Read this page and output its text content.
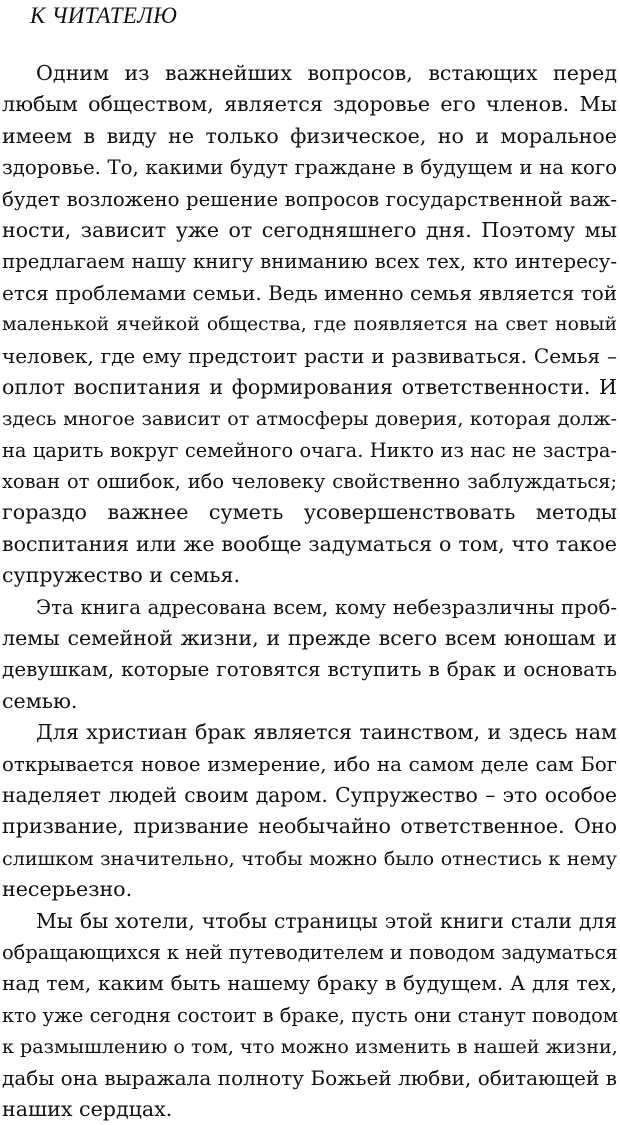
К ЧИТАТЕЛЮ
Одним из важнейших вопросов, встающих перед
любым обществом, является здоровье его членов. Мы
имеем в виду не только физическое, но и моральное
здоровье. То, какими будут граждане в будущем и на кого
будет возложено решение вопросов государственной важ-
ности, зависит уже от сегодняшнего дня. Поэтому мы
предлагаем нашу книгу вниманию всех тех, кто интересу-
ется проблемами семьи. Ведь именно семья является той
маленькой ячейкой общества, где появляется на свет новый
человек, где ему предстоит расти и развиваться. Семья –
оплот воспитания и формирования ответственности. И
здесь многое зависит от атмосферы доверия, которая долж-
на царить вокруг семейного очага. Никто из нас не застра-
хован от ошибок, ибо человеку свойственно заблуждаться;
гораздо важнее суметь усовершенствовать методы
воспитания или же вообще задуматься о том, что такое
супружество и семья.
Эта книга адресована всем, кому небезразличны проб-
лемы семейной жизни, и прежде всего всем юношам и
девушкам, которые готовятся вступить в брак и основать
семью.
Для христиан брак является таинством, и здесь нам
открывается новое измерение, ибо на самом деле сам Бог
наделяет людей своим даром. Супружество – это особое
призвание, призвание необычайно ответственное. Оно
слишком значительно, чтобы можно было отнестись к нему
несерьезно.
Мы бы хотели, чтобы страницы этой книги стали для
обращающихся к ней путеводителем и поводом задуматься
над тем, каким быть нашему браку в будущем. А для тех,
кто уже сегодня состоит в браке, пусть они станут поводом
к размышлению о том, что можно изменить в нашей жизни,
дабы она выражала полноту Божьей любви, обитающей в
наших сердцах.
